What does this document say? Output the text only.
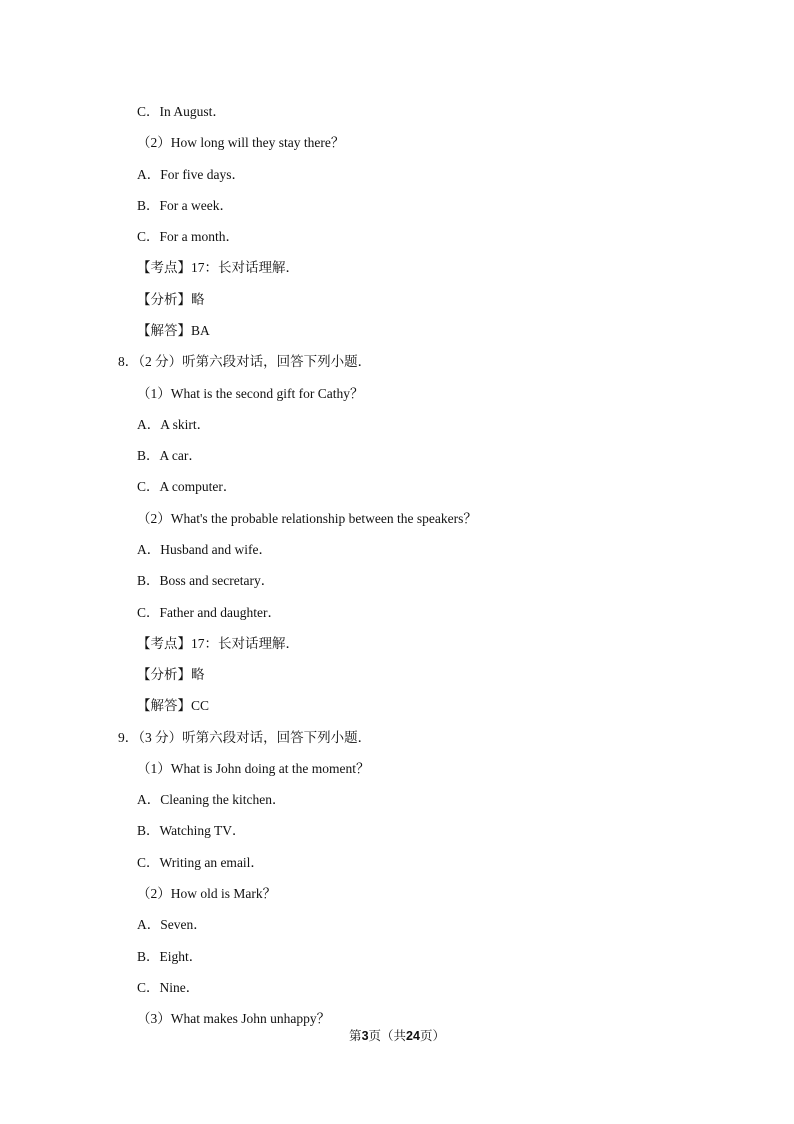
C．In August．
（2）How long will they stay there？
A．For five days．
B．For a week．
C．For a month．
【考点】17：长对话理解．
【分析】略
【解答】BA
8．（2 分）听第六段对话，回答下列小题．
（1）What is the second gift for Cathy？
A．A skirt．
B．A car．
C．A computer．
（2）What's the probable relationship between the speakers？
A．Husband and wife．
B．Boss and secretary．
C．Father and daughter．
【考点】17：长对话理解．
【分析】略
【解答】CC
9．（3 分）听第六段对话，回答下列小题．
（1）What is John doing at the moment？
A．Cleaning the kitchen．
B．Watching TV．
C．Writing an email．
（2）How old is Mark？
A．Seven．
B．Eight．
C．Nine．
（3）What makes John unhappy？
第3页（共24页）
